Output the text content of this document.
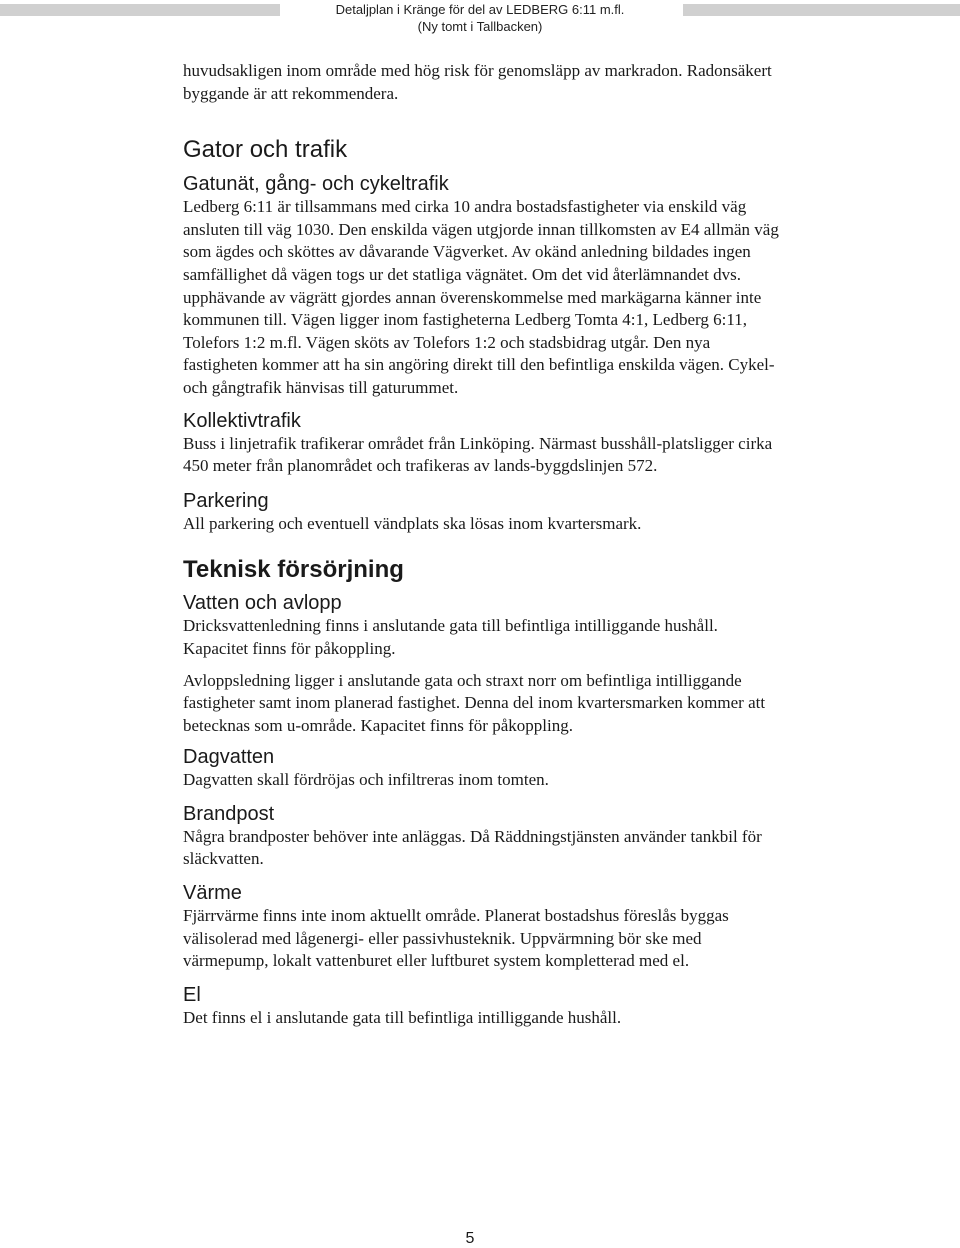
Detaljplan i Kränge för del av LEDBERG 6:11 m.fl.
(Ny tomt i Tallbacken)

huvudsakligen inom område med hög risk för genomsläpp av markradon. Radonsäkert byggande är att rekommendera.

Gator och trafik
Gatunät, gång- och cykeltrafik

Ledberg 6:11 är tillsammans med cirka 10 andra bostadsfastigheter via enskild väg ansluten till väg 1030. Den enskilda vägen utgjorde innan tillkomsten av E4 allmän väg som ägdes och sköttes av dåvarande Vägverket. Av okänd anledning bildades ingen samfällighet då vägen togs ur det statliga vägnätet. Om det vid återlämnandet dvs. upphävande av vägrätt gjordes annan överenskommelse med markägarna känner inte kommunen till. Vägen ligger inom fastigheterna Ledberg Tomta 4:1, Ledberg 6:11, Tolefors 1:2 m.fl. Vägen sköts av Tolefors 1:2 och stadsbidrag utgår. Den nya fastigheten kommer att ha sin angöring direkt till den befintliga enskilda vägen. Cykel- och gångtrafik hänvisas till gaturummet.

Kollektivtrafik

Buss i linjetrafik trafikerar området från Linköping. Närmast busshåll-platsligger cirka 450 meter från planområdet och trafikeras av lands-byggdslinjen 572.

Parkering

All parkering och eventuell vändplats ska lösas inom kvartersmark.

Teknisk försörjning
Vatten och avlopp

Dricksvattenledning finns i anslutande gata till befintliga intilliggande hushåll. Kapacitet finns för påkoppling.

Avloppsledning ligger i anslutande gata och straxt norr om befintliga intilliggande fastigheter samt inom planerad fastighet. Denna del inom kvartersmarken kommer att betecknas som u-område. Kapacitet finns för påkoppling.

Dagvatten

Dagvatten skall fördröjas och infiltreras inom tomten.

Brandpost

Några brandposter behöver inte anläggas. Då Räddningstjänsten använder tankbil för släckvatten.

Värme

Fjärrvärme finns inte inom aktuellt område. Planerat bostadshus föreslås byggas välisolerad med lågenergi- eller passivhusteknik. Uppvärmning bör ske med värmepump, lokalt vattenburet eller luftburet system kompletterad med el.

El

Det finns el i anslutande gata till befintliga intilliggande hushåll.

5
